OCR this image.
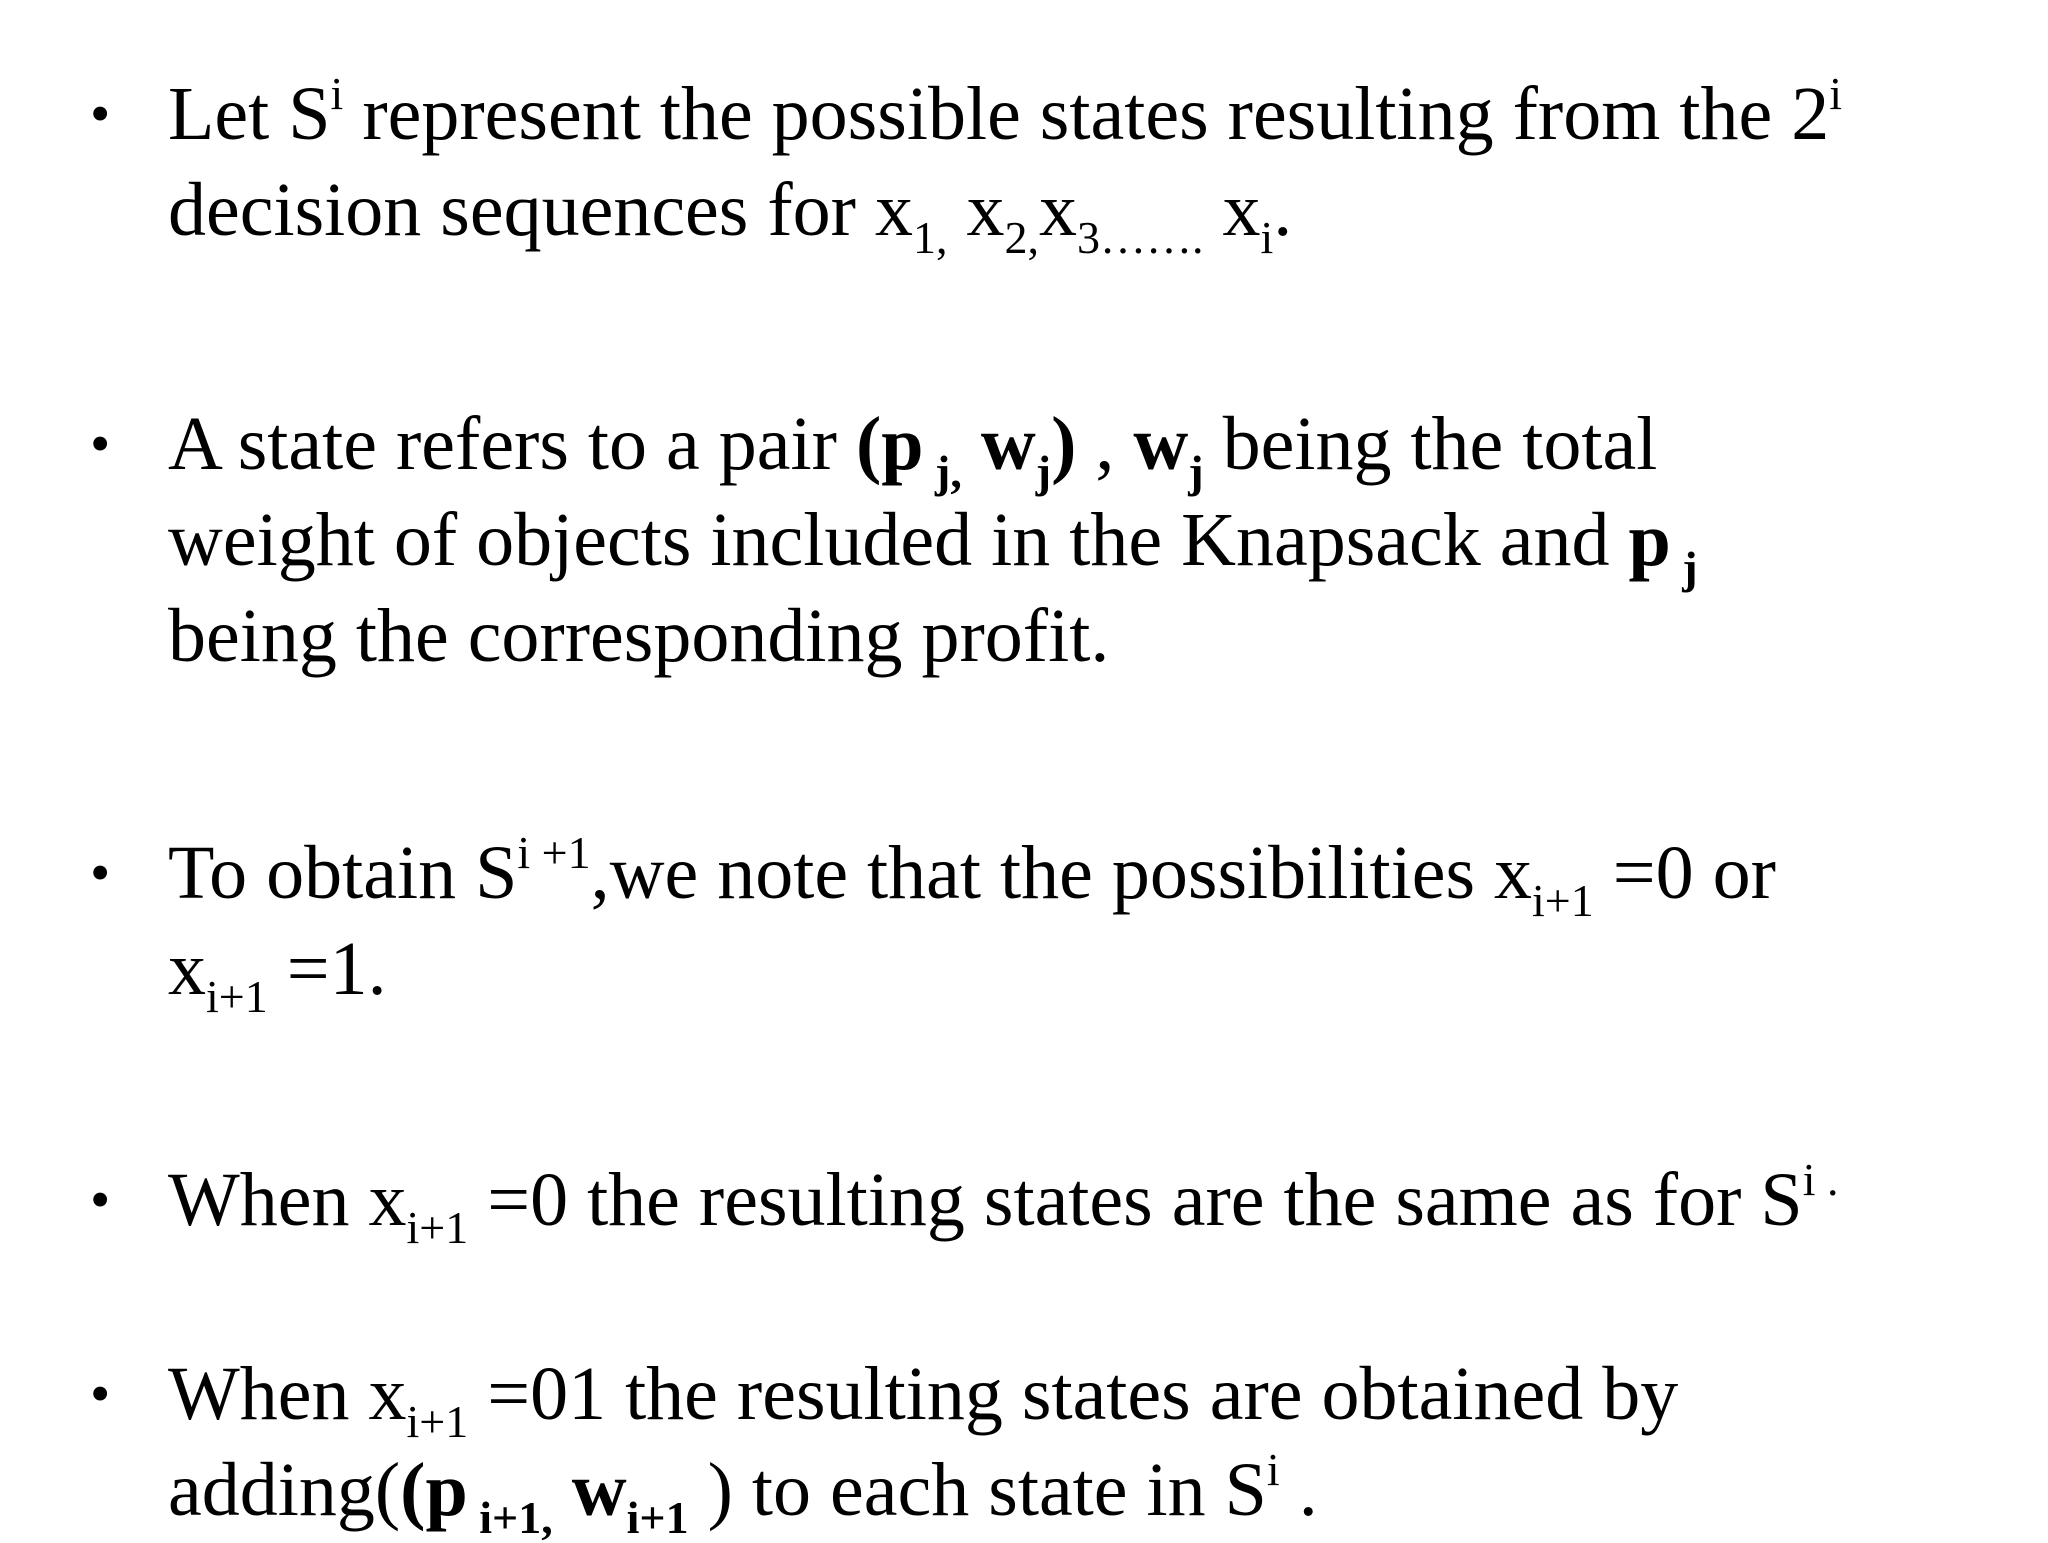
• Let $S^i$ represent the possible states resulting from the 2$^i$
decision sequences for $x_{1,}$ $x_{2,}x_{3\dots\dots.}$ $x_i$.
• A state refers to a pair (p $_{j,}$ $w_j$) , $w_j$ being the total
weight of objects included in the Knapsack and p $_j$
being the corresponding profit.
• To obtain $S^{i +1},we$ note that the possibilities $x_{i+1} =0$ or
$x_{i+1} =1$.
• When $x_{i+1} =0$ the resulting states are the same as for $S^{i .}$
• When $x_{i+1} =01$ the resulting states are obtained by
adding((p $_{i+1,}$ $w_{i+1}$ ) to each state in $S^i$ .
